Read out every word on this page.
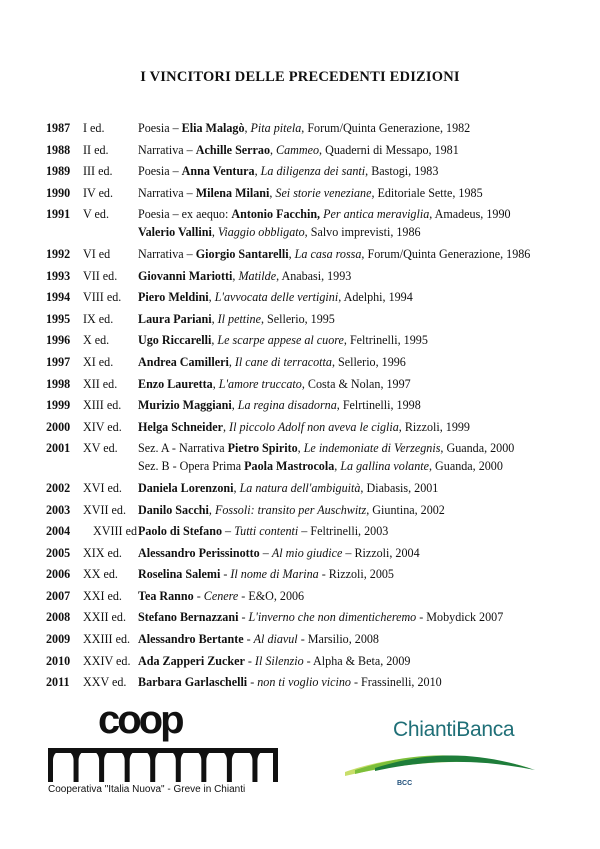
I VINCITORI DELLE PRECEDENTI EDIZIONI
1987 I ed.	Poesia – Elia Malagò, Pita pitela, Forum/Quinta Generazione, 1982
1988 II ed. Narrativa – Achille Serrao, Cammeo, Quaderni di Messapo, 1981
1989 III ed. Poesia – Anna Ventura, La diligenza dei santi, Bastogi, 1983
1990 IV ed. Narrativa – Milena Milani, Sei storie veneziane, Editoriale Sette, 1985
1991 V ed. Poesia – ex aequo: Antonio Facchin, Per antica meraviglia, Amadeus, 1990
Valerio Vallini, Viaggio obbligato, Salvo imprevisti, 1986
1992 VI ed Narrativa – Giorgio Santarelli, La casa rossa, Forum/Quinta Generazione, 1986
1993 VII ed. Giovanni Mariotti, Matilde, Anabasi, 1993
1994 VIII ed. Piero Meldini, L'avvocata delle vertigini, Adelphi, 1994
1995 IX ed. Laura Pariani, Il pettine, Sellerio, 1995
1996 X ed. Ugo Riccarelli, Le scarpe appese al cuore, Feltrinelli, 1995
1997 XI ed. Andrea Camilleri, Il cane di terracotta, Sellerio, 1996
1998 XII ed. Enzo Lauretta, L'amore truccato, Costa & Nolan, 1997
1999 XIII ed. Murizio Maggiani, La regina disadorna, Felrtinelli, 1998
2000 XIV ed. Helga Schneider, Il piccolo Adolf non aveva le ciglia, Rizzoli, 1999
2001 XV ed. Sez. A - Narrativa Pietro Spirito, Le indemoniate di Verzegnis, Guanda, 2000
Sez. B - Opera Prima Paola Mastrocola, La gallina volante, Guanda, 2000
2002 XVI ed. Daniela Lorenzoni, La natura dell'ambiguità, Diabasis, 2001
2003 XVII ed. Danilo Sacchi, Fossoli: transito per Auschwitz, Giuntina, 2002
2004 XVIII ed Paolo di Stefano – Tutti contenti – Feltrinelli, 2003
2005 XIX ed. Alessandro Perissinotto – Al mio giudice – Rizzoli, 2004
2006 XX ed. Roselina Salemi - Il nome di Marina - Rizzoli, 2005
2007 XXI ed. Tea Ranno - Cenere - E&O, 2006
2008 XXII ed. Stefano Bernazzani - L'inverno che non dimenticheremo - Mobydick 2007
2009 XXIII ed. Alessandro Bertante - Al diavul - Marsilio, 2008
2010 XXIV ed. Ada Zapperi Zucker - Il Silenzio - Alpha & Beta, 2009
2011 XXV ed. Barbara Garlaschelli - non ti voglio vicino - Frassinelli, 2010
coop
Cooperativa "Italia Nuova" - Greve in Chianti
ChiantiBanca
BCC
